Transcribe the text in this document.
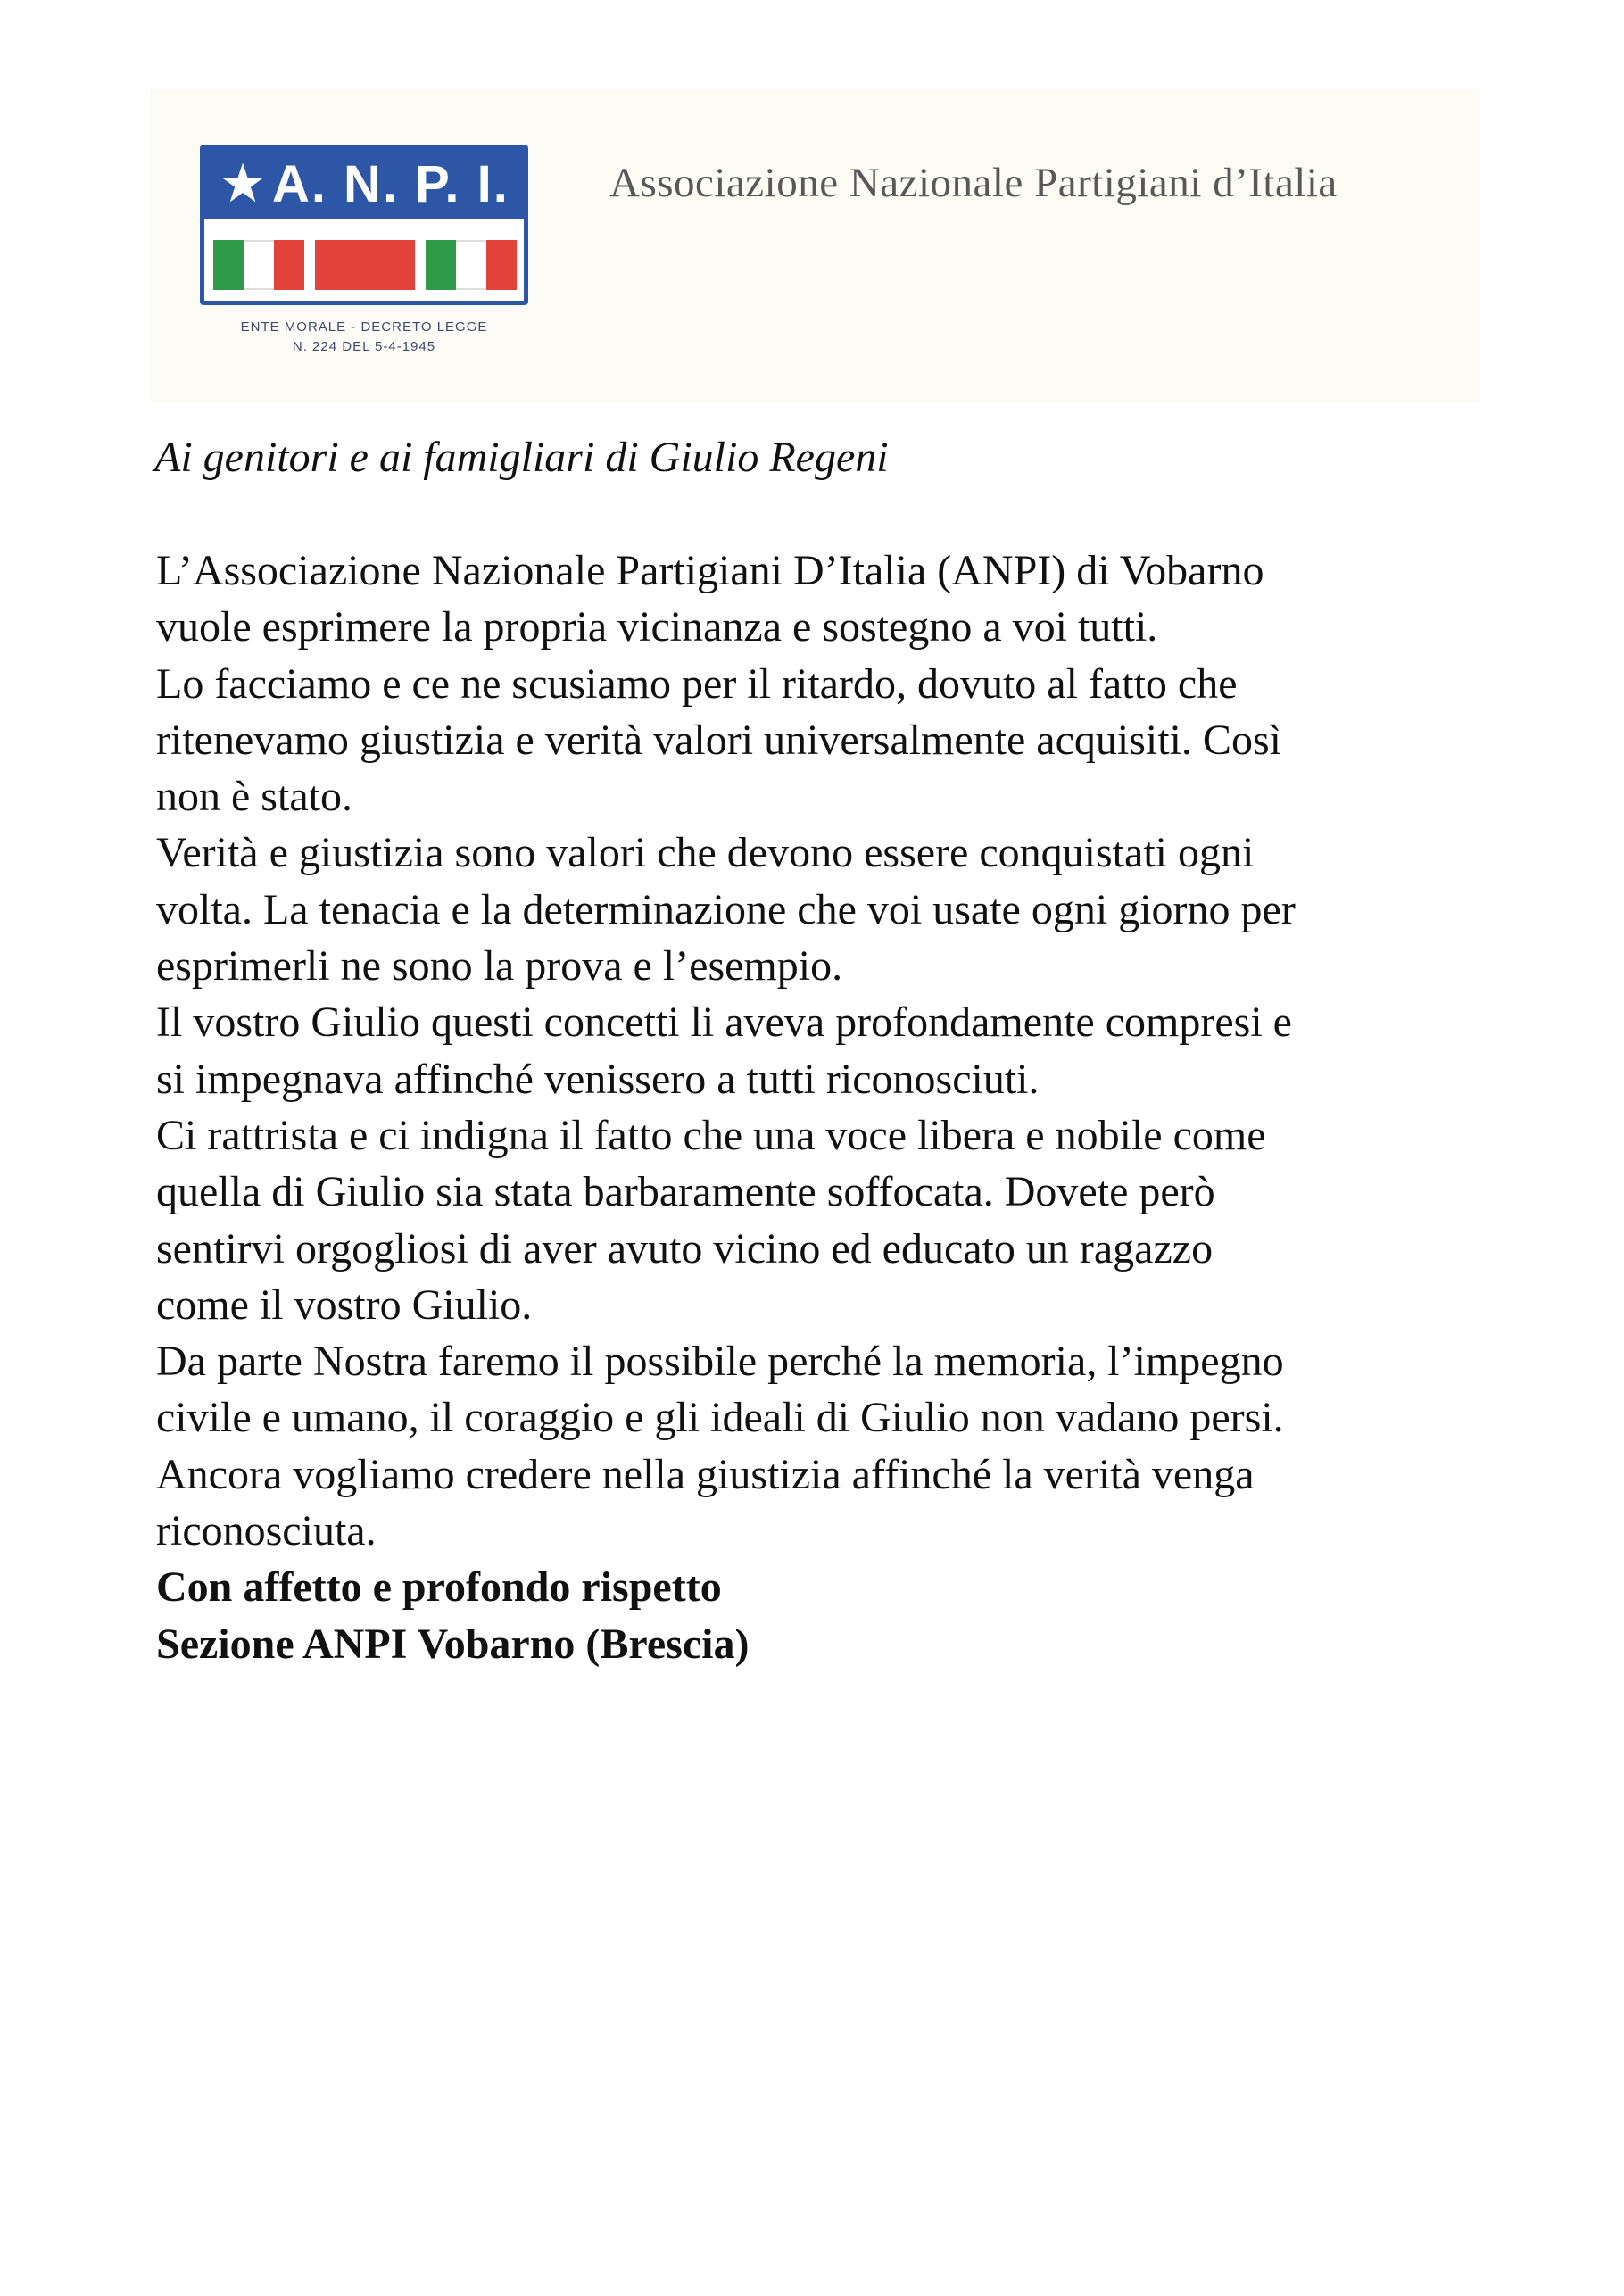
★A. N. P. I.
ENTE MORALE - DECRETO LEGGE
N. 224 DEL 5-4-1945
Associazione Nazionale Partigiani d’Italia
Ai genitori e ai famigliari di Giulio Regeni
L’Associazione Nazionale Partigiani D’Italia (ANPI) di Vobarno
vuole esprimere la propria vicinanza e sostegno a voi tutti.
Lo facciamo e ce ne scusiamo per il ritardo, dovuto al fatto che
ritenevamo giustizia e verità valori universalmente acquisiti. Così
non è stato.
Verità e giustizia sono valori che devono essere conquistati ogni
volta. La tenacia e la determinazione che voi usate ogni giorno per
esprimerli ne sono la prova e l’esempio.
Il vostro Giulio questi concetti li aveva profondamente compresi e
si impegnava affinché venissero a tutti riconosciuti.
Ci rattrista e ci indigna il fatto che una voce libera e nobile come
quella di Giulio sia stata barbaramente soffocata. Dovete però
sentirvi orgogliosi di aver avuto vicino ed educato un ragazzo
come il vostro Giulio.
Da parte Nostra faremo il possibile perché la memoria, l’impegno
civile e umano, il coraggio e gli ideali di Giulio non vadano persi.
Ancora vogliamo credere nella giustizia affinché la verità venga
riconosciuta.
Con affetto e profondo rispetto
Sezione ANPI Vobarno (Brescia)
